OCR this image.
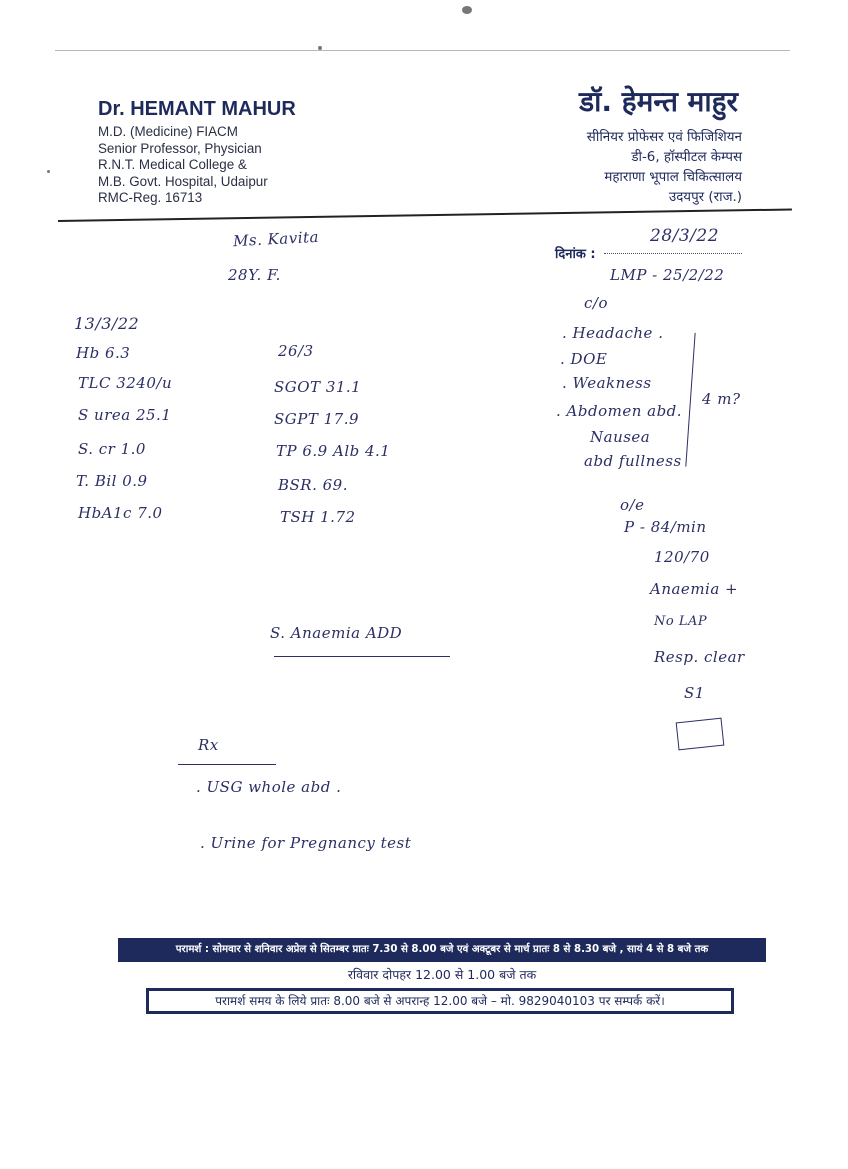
Dr. HEMANT MAHUR
M.D. (Medicine) FIACM
Senior Professor, Physician
R.N.T. Medical College &
M.B. Govt. Hospital, Udaipur
RMC-Reg. 16713
डॉ. हेमन्त माहुर
सीनियर प्रोफेसर एवं फिजिशियन
डी-6, हॉस्पीटल केम्पस
महाराणा भूपाल चिकित्सालय
उदयपुर (राज.)
दिनांक :
Ms. Kavita
28Y. F.
28/3/22
LMP - 25/2/22
c/o
. Headache .
. DOE
. Weakness
. Abdomen abd.
Nausea
abd fullness
4 m?
13/3/22
Hb 6.3
TLC 3240/u
S urea 25.1
S. cr 1.0
T. Bil 0.9
HbA1c 7.0
26/3
SGOT 31.1
SGPT 17.9
TP 6.9 Alb 4.1
BSR. 69.
TSH 1.72
o/e
P - 84/min
120/70
Anaemia +
No LAP
Resp. clear
S1
S. Anaemia ADD
Rx
. USG whole abd .
. Urine for Pregnancy test
परामर्श : सोमवार से शनिवार अप्रेल से सितम्बर प्रातः 7.30 से 8.00 बजे एवं अक्टूबर से मार्च प्रातः 8 से 8.30 बजे , सायं 4 से 8 बजे तक
रविवार दोपहर 12.00 से 1.00 बजे तक
परामर्श समय के लिये प्रातः 8.00 बजे से अपरान्ह 12.00 बजे – मो. 9829040103 पर सम्पर्क करें।
